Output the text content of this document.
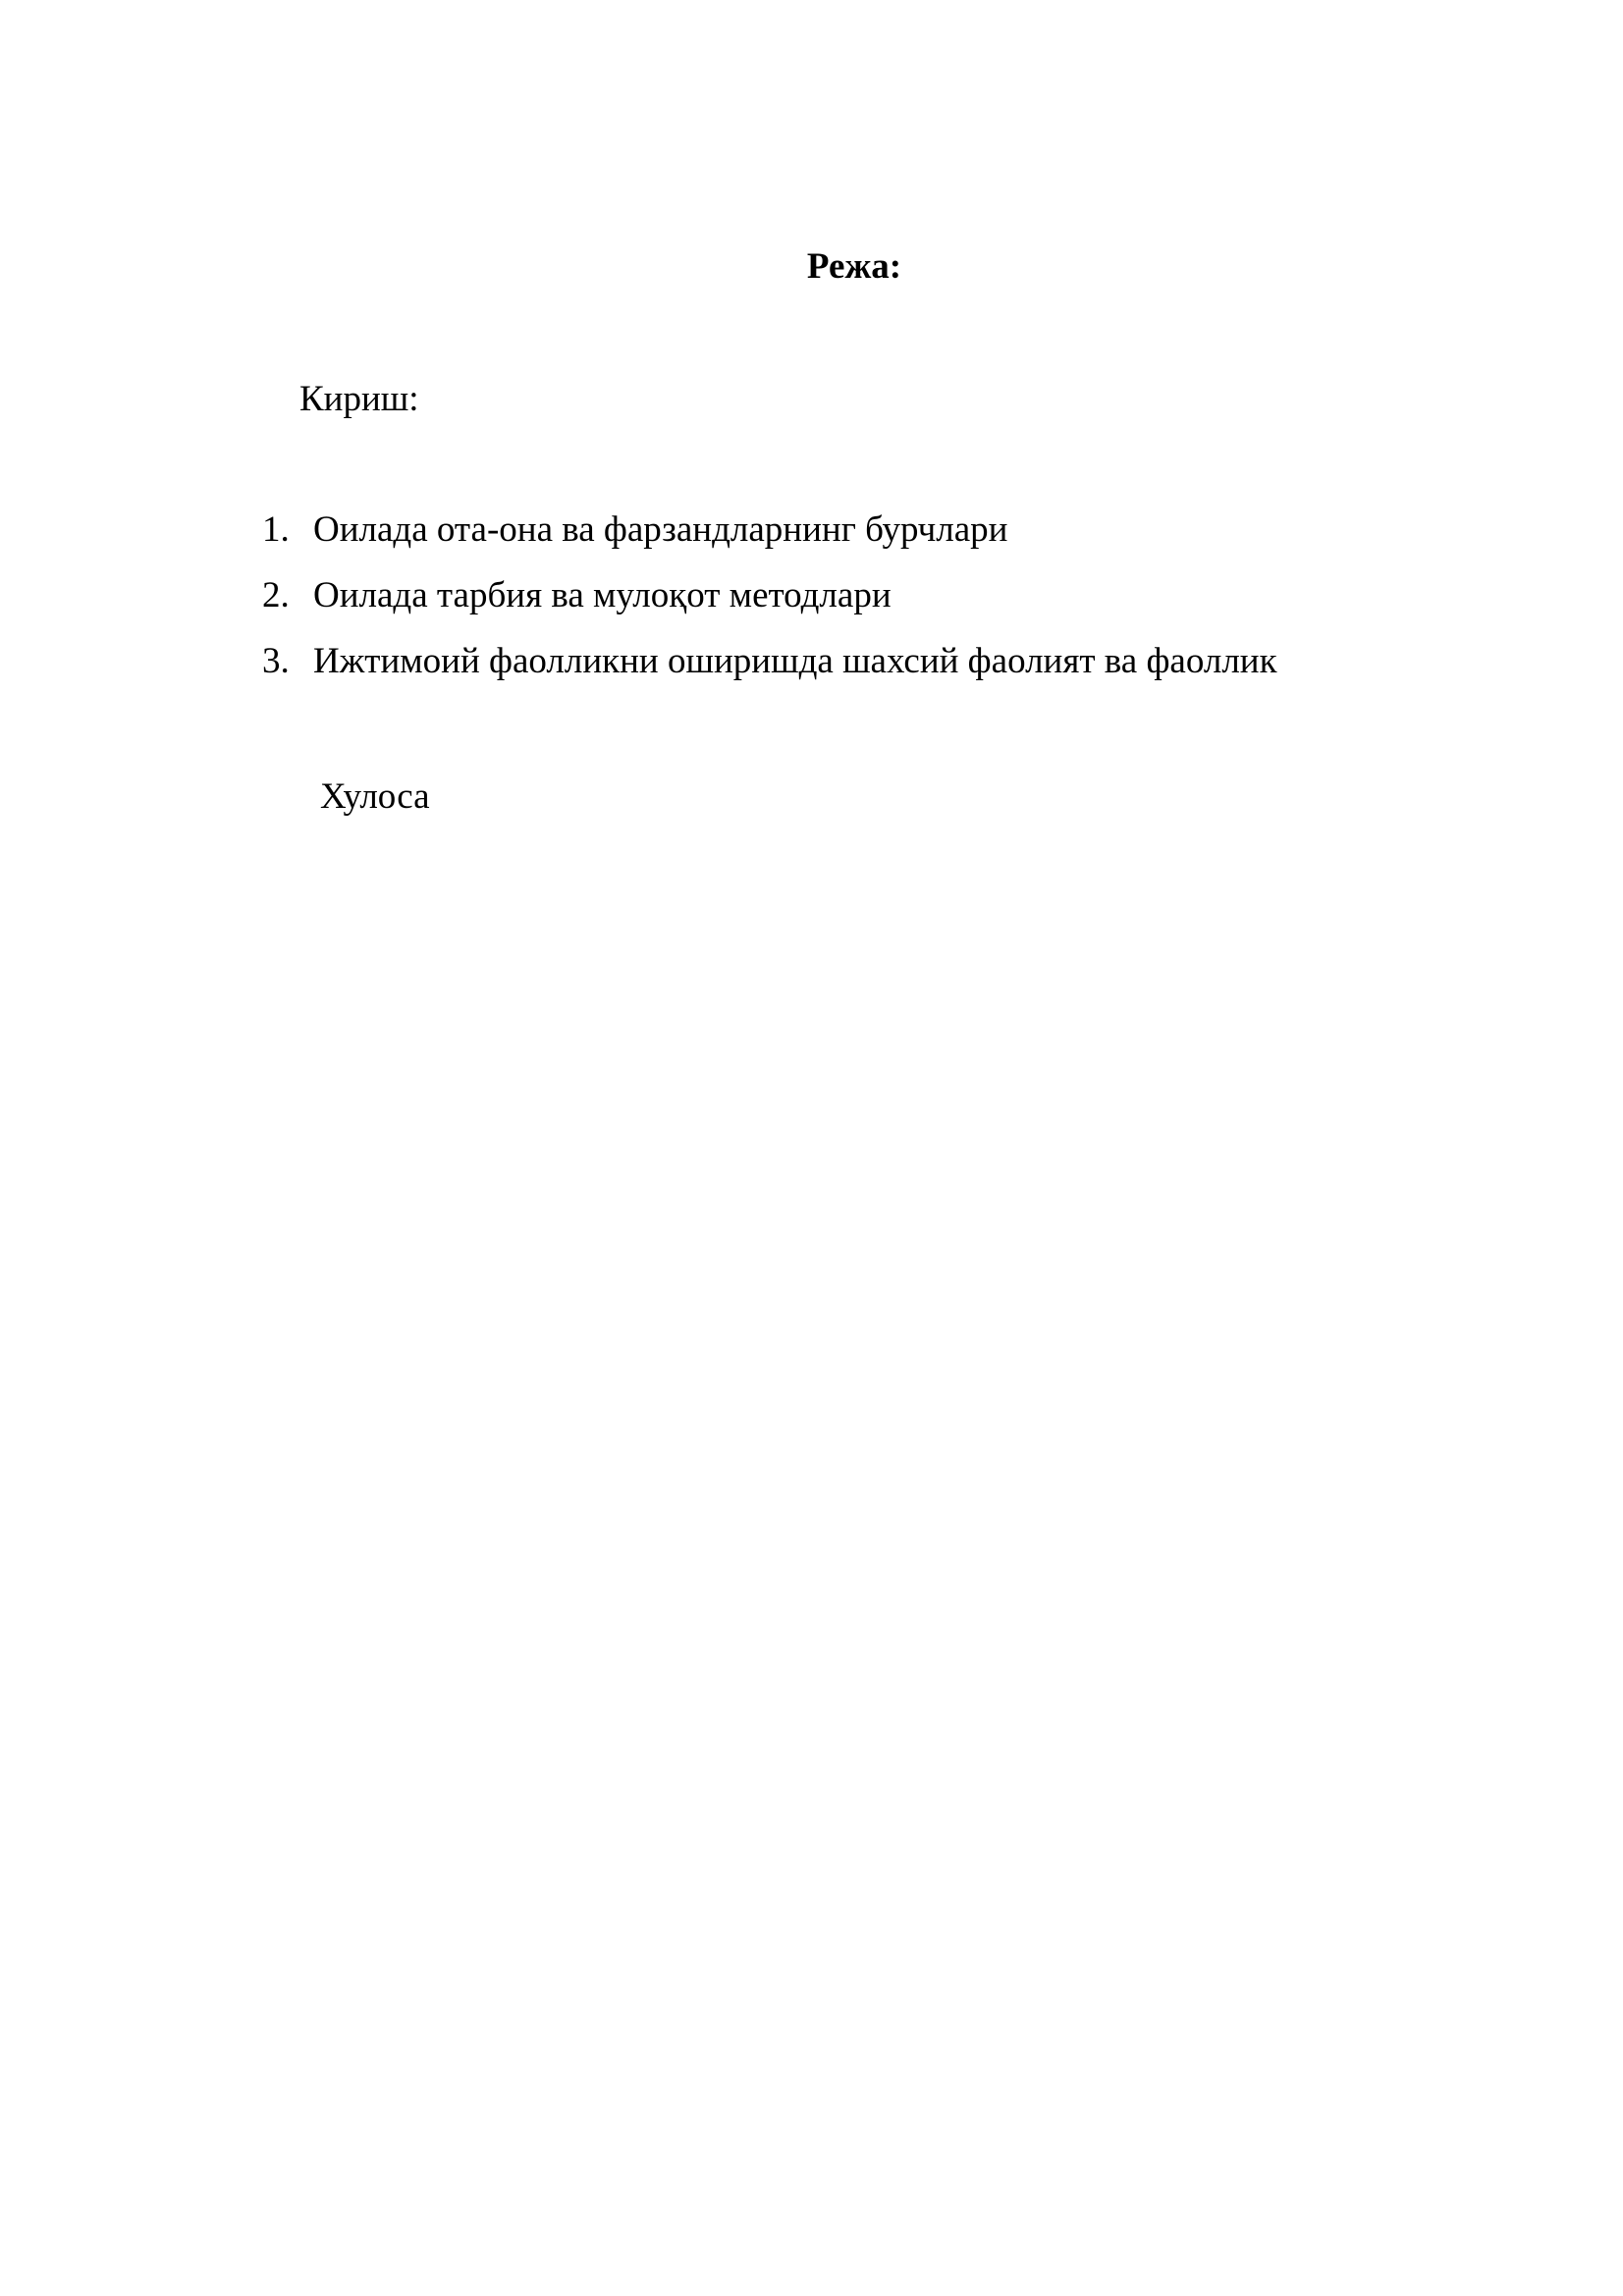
Режа:
Кириш:
1. Оилада ота-она ва фарзандларнинг бурчлари
2. Оилада тарбия ва мулоқот методлари
3. Ижтимоий фаолликни оширишда шахсий фаолият ва фаоллик
Хулоса
